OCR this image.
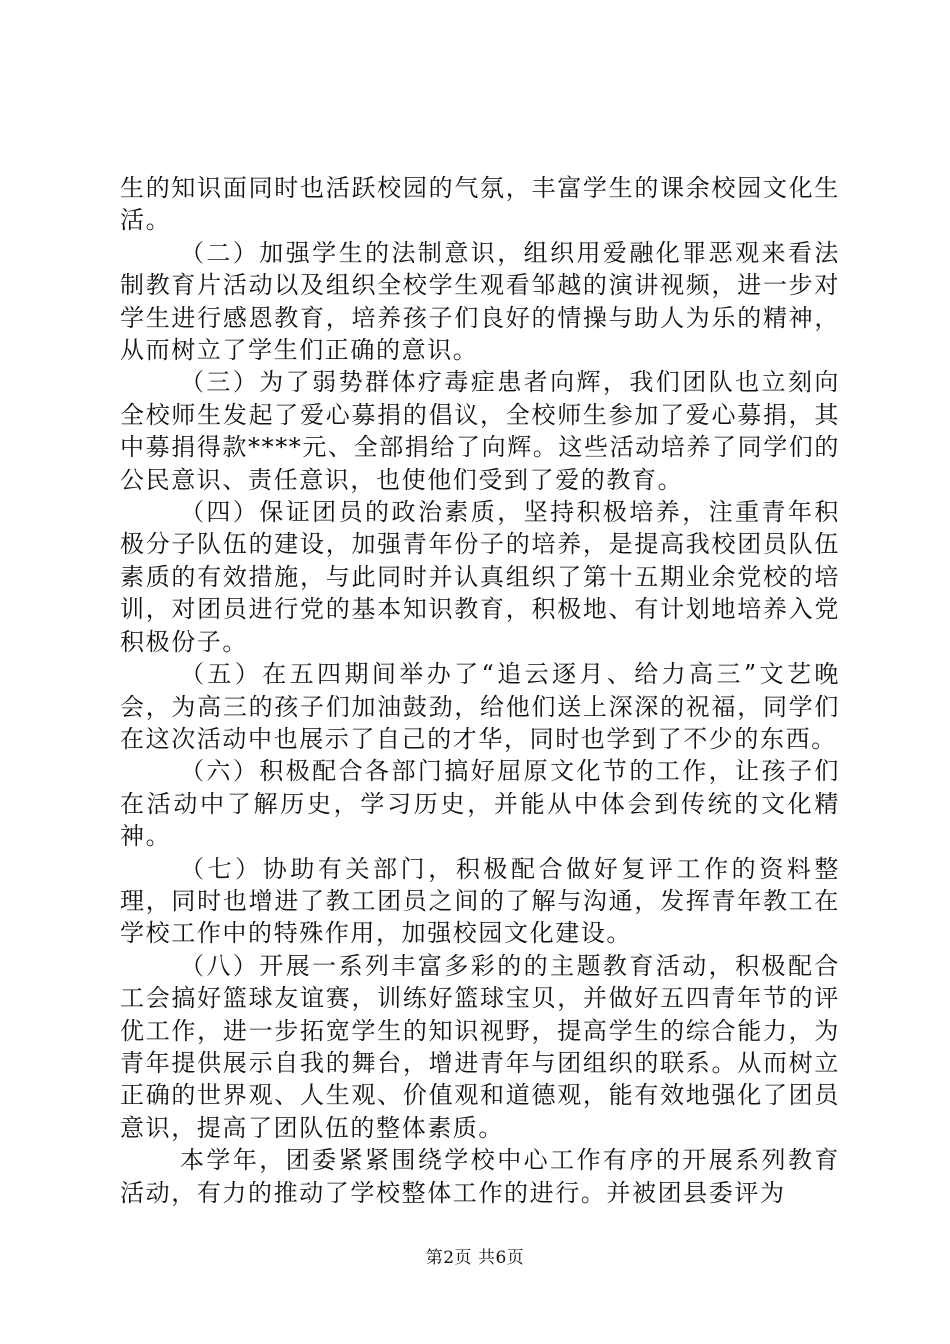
生的知识面同时也活跃校园的气氛，丰富学生的课余校园文化生活。

（二）加强学生的法制意识，组织用爱融化罪恶观来看法制教育片活动以及组织全校学生观看邹越的演讲视频，进一步对学生进行感恩教育，培养孩子们良好的情操与助人为乐的精神，从而树立了学生们正确的意识。

（三）为了弱势群体疗毒症患者向辉，我们团队也立刻向全校师生发起了爱心募捐的倡议，全校师生参加了爱心募捐，其中募捐得款****元、全部捐给了向辉。这些活动培养了同学们的公民意识、责任意识，也使他们受到了爱的教育。

（四）保证团员的政治素质，坚持积极培养，注重青年积极分子队伍的建设，加强青年份子的培养，是提高我校团员队伍素质的有效措施，与此同时并认真组织了第十五期业余党校的培训，对团员进行党的基本知识教育，积极地、有计划地培养入党积极份子。

（五）在五四期间举办了“追云逐月、给力高三”文艺晚会，为高三的孩子们加油鼓劲，给他们送上深深的祝福，同学们在这次活动中也展示了自己的才华，同时也学到了不少的东西。

（六）积极配合各部门搞好屈原文化节的工作，让孩子们在活动中了解历史，学习历史，并能从中体会到传统的文化精神。

（七）协助有关部门，积极配合做好复评工作的资料整理，同时也增进了教工团员之间的了解与沟通，发挥青年教工在学校工作中的特殊作用，加强校园文化建设。

（八）开展一系列丰富多彩的的主题教育活动，积极配合工会搞好篮球友谊赛，训练好篮球宝贝，并做好五四青年节的评优工作，进一步拓宽学生的知识视野，提高学生的综合能力，为青年提供展示自我的舞台，增进青年与团组织的联系。从而树立正确的世界观、人生观、价值观和道德观，能有效地强化了团员意识，提高了团队伍的整体素质。

本学年，团委紧紧围绕学校中心工作有序的开展系列教育活动，有力的推动了学校整体工作的进行。并被团县委评为

第2页 共6页
